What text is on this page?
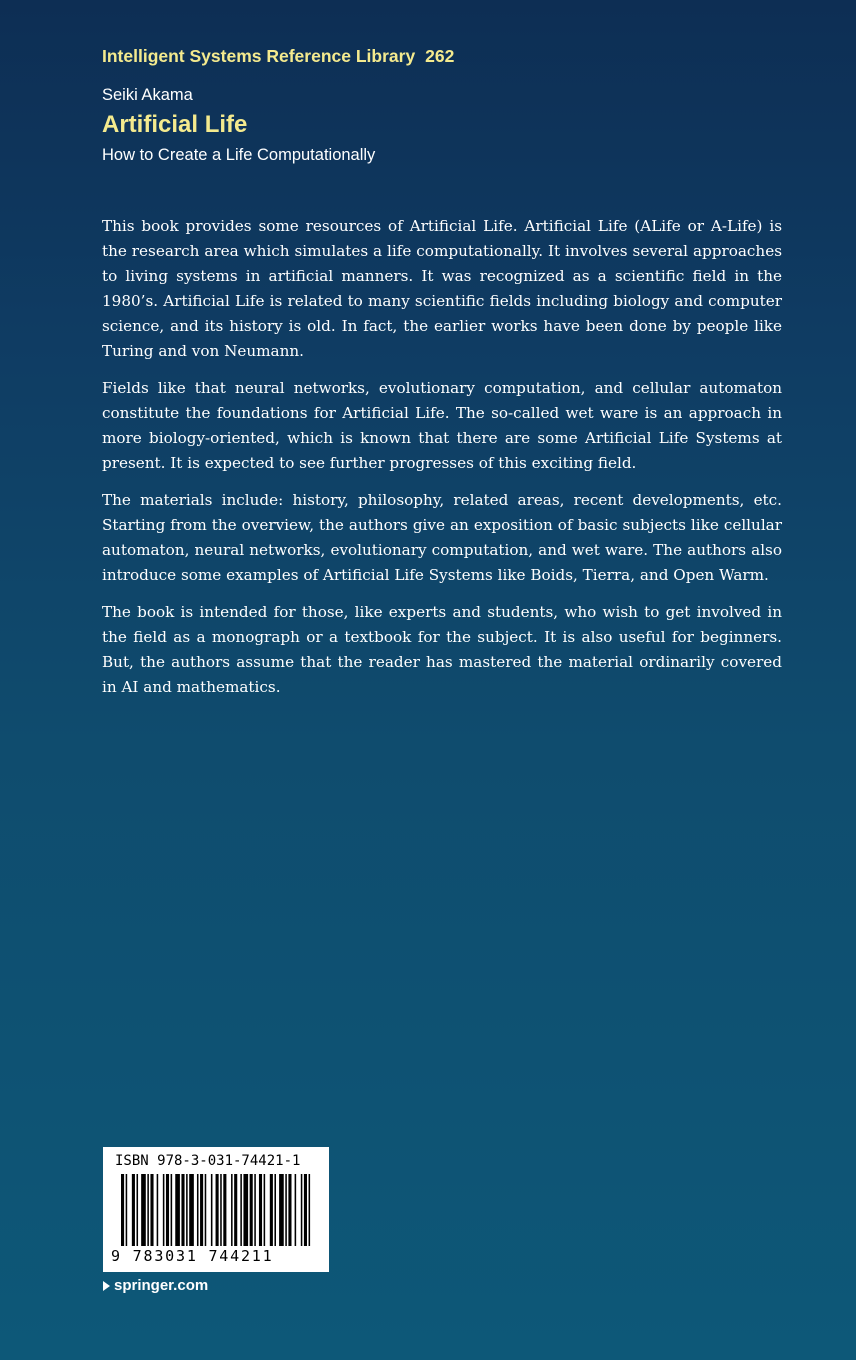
Intelligent Systems Reference Library 262
Seiki Akama
Artificial Life
How to Create a Life Computationally

This book provides some resources of Artificial Life. Artificial Life (ALife or A-Life) is the research area which simulates a life computationally. It involves several approaches to living systems in artificial manners. It was recognized as a scientific field in the 1980’s. Artificial Life is related to many scientific fields including biology and computer science, and its history is old. In fact, the earlier works have been done by people like Turing and von Neumann.

Fields like that neural networks, evolutionary computation, and cellular automaton constitute the foundations for Artificial Life. The so-called wet ware is an approach in more biology-oriented, which is known that there are some Artificial Life Systems at present. It is expected to see further progresses of this exciting field.

The materials include: history, philosophy, related areas, recent developments, etc. Starting from the overview, the authors give an exposition of basic subjects like cellular automaton, neural networks, evolutionary computation, and wet ware. The authors also introduce some examples of Artificial Life Systems like Boids, Tierra, and Open Warm.

The book is intended for those, like experts and students, who wish to get involved in the field as a monograph or a textbook for the subject. It is also useful for beginners. But, the authors assume that the reader has mastered the material ordinarily covered in AI and mathematics.

ISBN 978-3-031-74421-1
9 783031 744211
springer.com
